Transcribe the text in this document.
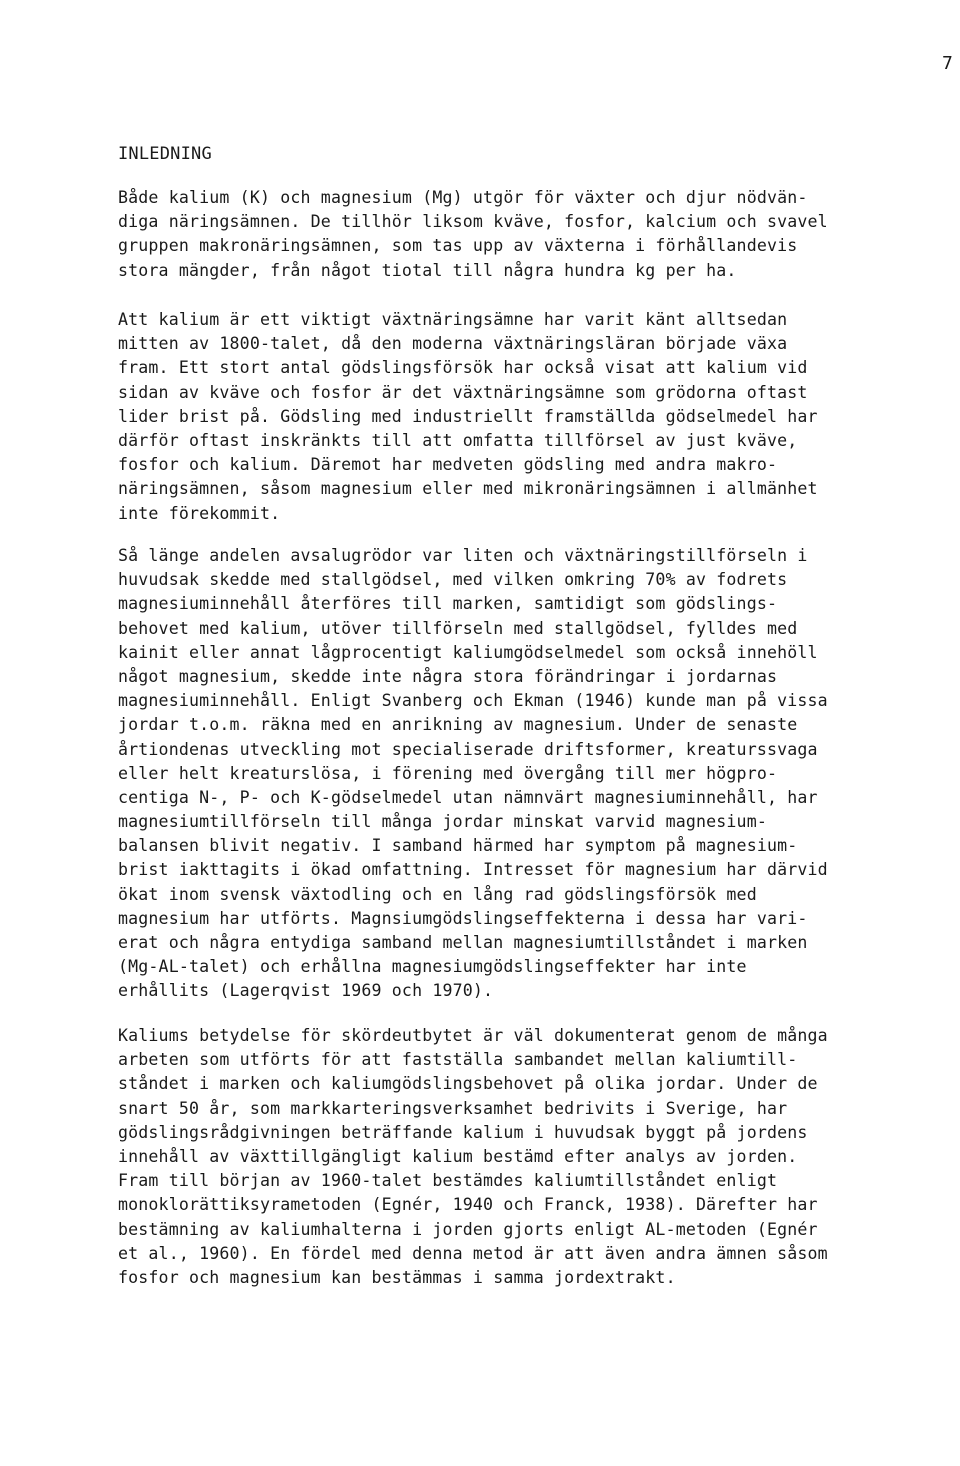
7
INLEDNING
Både kalium (K) och magnesium (Mg) utgör för växter och djur nödvän-
diga näringsämnen. De tillhör liksom kväve, fosfor, kalcium och svavel
gruppen makronäringsämnen, som tas upp av växterna i förhållandevis
stora mängder, från något tiotal till några hundra kg per ha.
Att kalium är ett viktigt växtnäringsämne har varit känt alltsedan
mitten av 1800-talet, då den moderna växtnäringsläran började växa
fram. Ett stort antal gödslingsförsök har också visat att kalium vid
sidan av kväve och fosfor är det växtnäringsämne som grödorna oftast
lider brist på. Gödsling med industriellt framställda gödselmedel har
därför oftast inskränkts till att omfatta tillförsel av just kväve,
fosfor och kalium. Däremot har medveten gödsling med andra makro-
näringsämnen, såsom magnesium eller med mikronäringsämnen i allmänhet
inte förekommit.
Så länge andelen avsalugrödor var liten och växtnäringstillförseln i
huvudsak skedde med stallgödsel, med vilken omkring 70% av fodrets
magnesiuminnehåll återföres till marken, samtidigt som gödslings-
behovet med kalium, utöver tillförseln med stallgödsel, fylldes med
kainit eller annat lågprocentigt kaliumgödselmedel som också innehöll
något magnesium, skedde inte några stora förändringar i jordarnas
magnesiuminnehåll. Enligt Svanberg och Ekman (1946) kunde man på vissa
jordar t.o.m. räkna med en anrikning av magnesium. Under de senaste
årtiondenas utveckling mot specialiserade driftsformer, kreaturssvaga
eller helt kreaturslösa, i förening med övergång till mer högpro-
centiga N-, P- och K-gödselmedel utan nämnvärt magnesiuminnehåll, har
magnesiumtillförseln till många jordar minskat varvid magnesium-
balansen blivit negativ. I samband härmed har symptom på magnesium-
brist iakttagits i ökad omfattning. Intresset för magnesium har därvid
ökat inom svensk växtodling och en lång rad gödslingsförsök med
magnesium har utförts. Magnsiumgödslingseffekterna i dessa har vari-
erat och några entydiga samband mellan magnesiumtillståndet i marken
(Mg-AL-talet) och erhållna magnesiumgödslingseffekter har inte
erhållits (Lagerqvist 1969 och 1970).
Kaliums betydelse för skördeutbytet är väl dokumenterat genom de många
arbeten som utförts för att fastställa sambandet mellan kaliumtill-
ståndet i marken och kaliumgödslingsbehovet på olika jordar. Under de
snart 50 år, som markkarteringsverksamhet bedrivits i Sverige, har
gödslingsrådgivningen beträffande kalium i huvudsak byggt på jordens
innehåll av växttillgängligt kalium bestämd efter analys av jorden.
Fram till början av 1960-talet bestämdes kaliumtillståndet enligt
monoklorättiksyrametoden (Egnér, 1940 och Franck, 1938). Därefter har
bestämning av kaliumhalterna i jorden gjorts enligt AL-metoden (Egnér
et al., 1960). En fördel med denna metod är att även andra ämnen såsom
fosfor och magnesium kan bestämmas i samma jordextrakt.
